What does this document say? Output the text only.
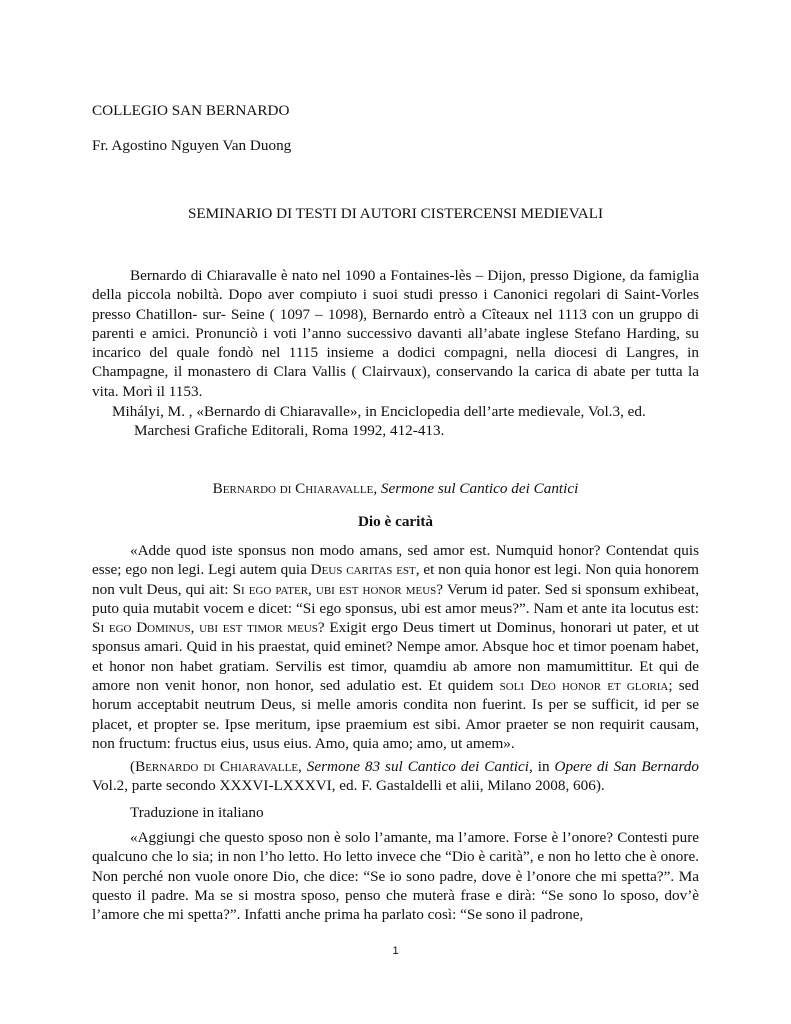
COLLEGIO SAN BERNARDO
Fr. Agostino Nguyen Van Duong
SEMINARIO DI TESTI DI AUTORI CISTERCENSI MEDIEVALI

Bernardo di Chiaravalle è nato nel 1090 a Fontaines-lès – Dijon, presso Digione, da famiglia della piccola nobiltà. Dopo aver compiuto i suoi studi presso i Canonici regolari di Saint-Vorles presso Chatillon- sur- Seine ( 1097 – 1098), Bernardo entrò a Cîteaux nel 1113 con un gruppo di parenti e amici. Pronunciò i voti l’anno successivo davanti all’abate inglese Stefano Harding, su incarico del quale fondò nel 1115 insieme a dodici compagni, nella diocesi di Langres, in Champagne, il monastero di Clara Vallis ( Clairvaux), conservando la carica di abate per tutta la vita. Morì il 1153.

Mihályi, M. , «Bernardo di Chiaravalle», in Enciclopedia dell’arte medievale, Vol.3, ed.
Marchesi Grafiche Editorali, Roma 1992, 412-413.
Bernardo di Chiaravalle, Sermone sul Cantico dei Cantici
Dio è carità

«Adde quod iste sponsus non modo amans, sed amor est. Numquid honor? Contendat quis esse; ego non legi. Legi autem quia Deus caritas est, et non quia honor est legi. Non quia honorem non vult Deus, qui ait: Si ego pater, ubi est honor meus? Verum id pater. Sed si sponsum exhibeat, puto quia mutabit vocem e dicet: “Si ego sponsus, ubi est amor meus?”. Nam et ante ita locutus est: Si ego Dominus, ubi est timor meus? Exigit ergo Deus timert ut Dominus, honorari ut pater, et ut sponsus amari. Quid in his praestat, quid eminet? Nempe amor. Absque hoc et timor poenam habet, et honor non habet gratiam. Servilis est timor, quamdiu ab amore non mamumittitur. Et qui de amore non venit honor, non honor, sed adulatio est. Et quidem soli Deo honor et gloria; sed horum acceptabit neutrum Deus, si melle amoris condita non fuerint. Is per se sufficit, id per se placet, et propter se. Ipse meritum, ipse praemium est sibi. Amor praeter se non requirit causam, non fructum: fructus eius, usus eius. Amo, quia amo; amo, ut amem».

(Bernardo di Chiaravalle, Sermone 83 sul Cantico dei Cantici, in Opere di San Bernardo Vol.2, parte secondo XXXVI-LXXXVI, ed. F. Gastaldelli et alii, Milano 2008, 606).

Traduzione in italiano

«Aggiungi che questo sposo non è solo l’amante, ma l’amore. Forse è l’onore? Contesti pure qualcuno che lo sia; in non l’ho letto. Ho letto invece che “Dio è carità”, e non ho letto che è onore. Non perché non vuole onore Dio, che dice: “Se io sono padre, dove è l’onore che mi spetta?”. Ma questo il padre. Ma se si mostra sposo, penso che muterà frase e dirà: “Se sono lo sposo, dov’è l’amore che mi spetta?”. Infatti anche prima ha parlato così: “Se sono il padrone,

1
